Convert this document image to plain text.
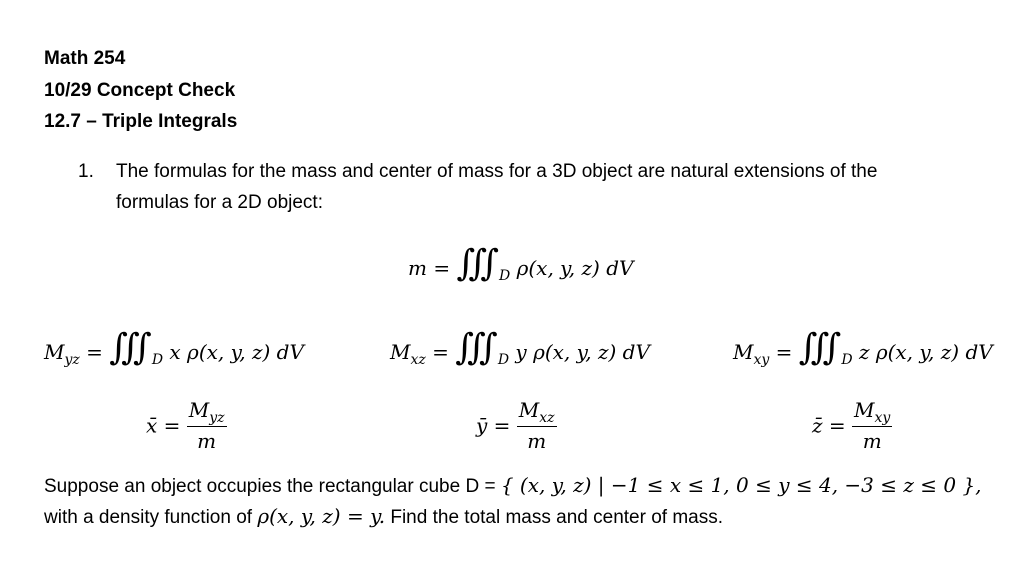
Math 254
10/29 Concept Check
12.7 – Triple Integrals
1. The formulas for the mass and center of mass for a 3D object are natural extensions of the
formulas for a 2D object:
$m = ∭_D$ ρ(x, y, z) dV
$M_{yz}$ = $∭_D$ x ρ(x, y, z) dV	$M_{xz}$ = $∭_D$ y ρ(x, y, z) dV	$M_{xy}$ = $∭_D$ z ρ(x, y, z) dV
x̄ = $\frac{M_{yz}}{m}$	ȳ = $\frac{M_{xz}}{m}$	z̄ = $\frac{M_{xy}}{m}$
Suppose an object occupies the rectangular cube D = { (x, y, z) | −1 ≤ x ≤ 1, 0 ≤ y ≤ 4, −3 ≤ z ≤ 0 },
with a density function of ρ(x, y, z) = y. Find the total mass and center of mass.
